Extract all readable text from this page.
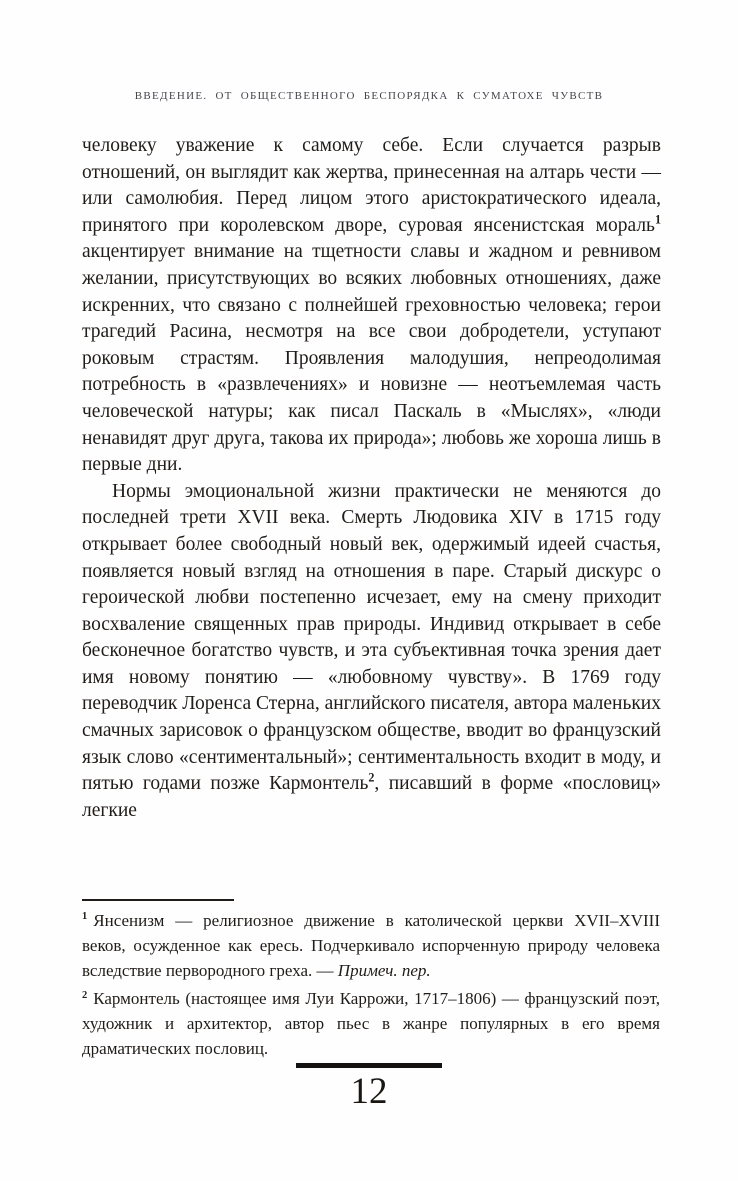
ВВЕДЕНИЕ. ОТ ОБЩЕСТВЕННОГО БЕСПОРЯДКА К СУМАТОХЕ ЧУВСТВ

человеку уважение к самому себе. Если случается разрыв отношений, он выглядит как жертва, принесенная на алтарь чести — или самолюбия. Перед лицом этого аристократического идеала, принятого при королевском дворе, суровая янсенистская мораль$^1$ акцентирует внимание на тщетности славы и жадном и ревнивом желании, присутствующих во всяких любовных отношениях, даже искренних, что связано с полнейшей греховностью человека; герои трагедий Расина, несмотря на все свои добродетели, уступают роковым страстям. Проявления малодушия, непреодолимая потребность в «развлечениях» и новизне — неотъемлемая часть человеческой натуры; как писал Паскаль в «Мыслях», «люди ненавидят друг друга, такова их природа»; любовь же хороша лишь в первые дни.

Нормы эмоциональной жизни практически не меняются до последней трети XVII века. Смерть Людовика XIV в 1715 году открывает более свободный новый век, одержимый идеей счастья, появляется новый взгляд на отношения в паре. Старый дискурс о героической любви постепенно исчезает, ему на смену приходит восхваление священных прав природы. Индивид открывает в себе бесконечное богатство чувств, и эта субъективная точка зрения дает имя новому понятию — «любовному чувству». В 1769 году переводчик Лоренса Стерна, английского писателя, автора маленьких смачных зарисовок о французском обществе, вводит во французский язык слово «сентиментальный»; сентиментальность входит в моду, и пятью годами позже Кармонтель$^2$, писавший в форме «пословиц» легкие

$^1$ Янсенизм — религиозное движение в католической церкви XVII–XVIII веков, осужденное как ересь. Подчеркивало испорченную природу человека вследствие первородного греха. — Примеч. пер.

$^2$ Кармонтель (настоящее имя Луи Каррожи, 1717–1806) — французский поэт, художник и архитектор, автор пьес в жанре популярных в его время драматических пословиц.

12
